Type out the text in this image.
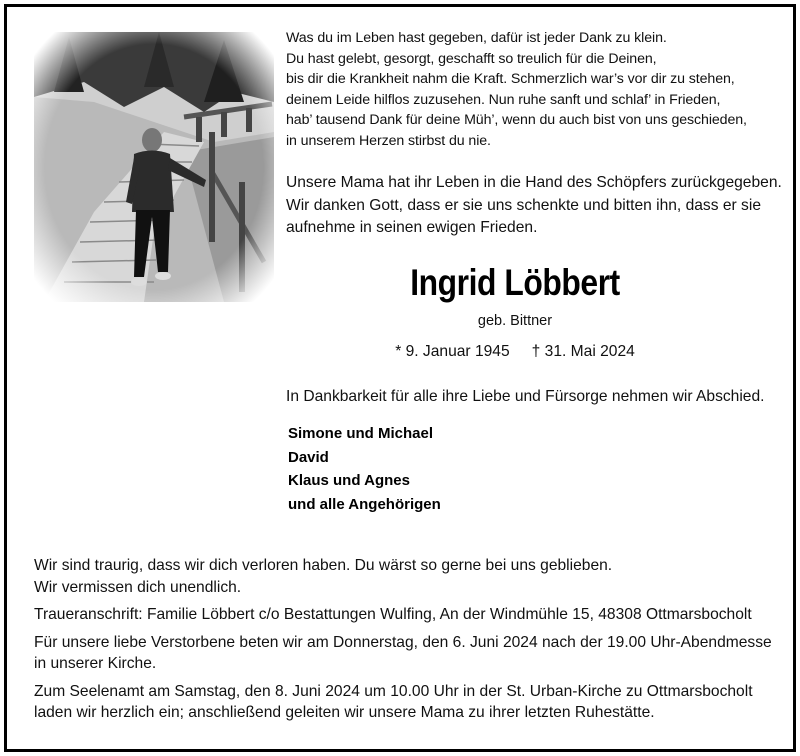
Was du im Leben hast gegeben, dafür ist jeder Dank zu klein.
Du hast gelebt, gesorgt, geschafft so treulich für die Deinen,
bis dir die Krankheit nahm die Kraft. Schmerzlich war’s vor dir zu stehen,
deinem Leide hilflos zuzusehen. Nun ruhe sanft und schlaf’ in Frieden,
hab’ tausend Dank für deine Müh’, wenn du auch bist von uns geschieden,
in unserem Herzen stirbst du nie.
Unsere Mama hat ihr Leben in die Hand des Schöpfers zurückgegeben.
Wir danken Gott, dass er sie uns schenkte und bitten ihn, dass er sie
aufnehme in seinen ewigen Frieden.
Ingrid Löbbert
geb. Bittner
* 9. Januar 1945 † 31. Mai 2024
In Dankbarkeit für alle ihre Liebe und Fürsorge nehmen wir Abschied.
Simone und Michael
David
Klaus und Agnes
und alle Angehörigen

Wir sind traurig, dass wir dich verloren haben. Du wärst so gerne bei uns geblieben.
Wir vermissen dich unendlich.

Traueranschrift: Familie Löbbert c/o Bestattungen Wulfing, An der Windmühle 15, 48308 Ottmarsbocholt

Für unsere liebe Verstorbene beten wir am Donnerstag, den 6. Juni 2024 nach der 19.00 Uhr-Abendmesse
in unserer Kirche.

Zum Seelenamt am Samstag, den 8. Juni 2024 um 10.00 Uhr in der St. Urban-Kirche zu Ottmarsbocholt
laden wir herzlich ein; anschließend geleiten wir unsere Mama zu ihrer letzten Ruhestätte.
